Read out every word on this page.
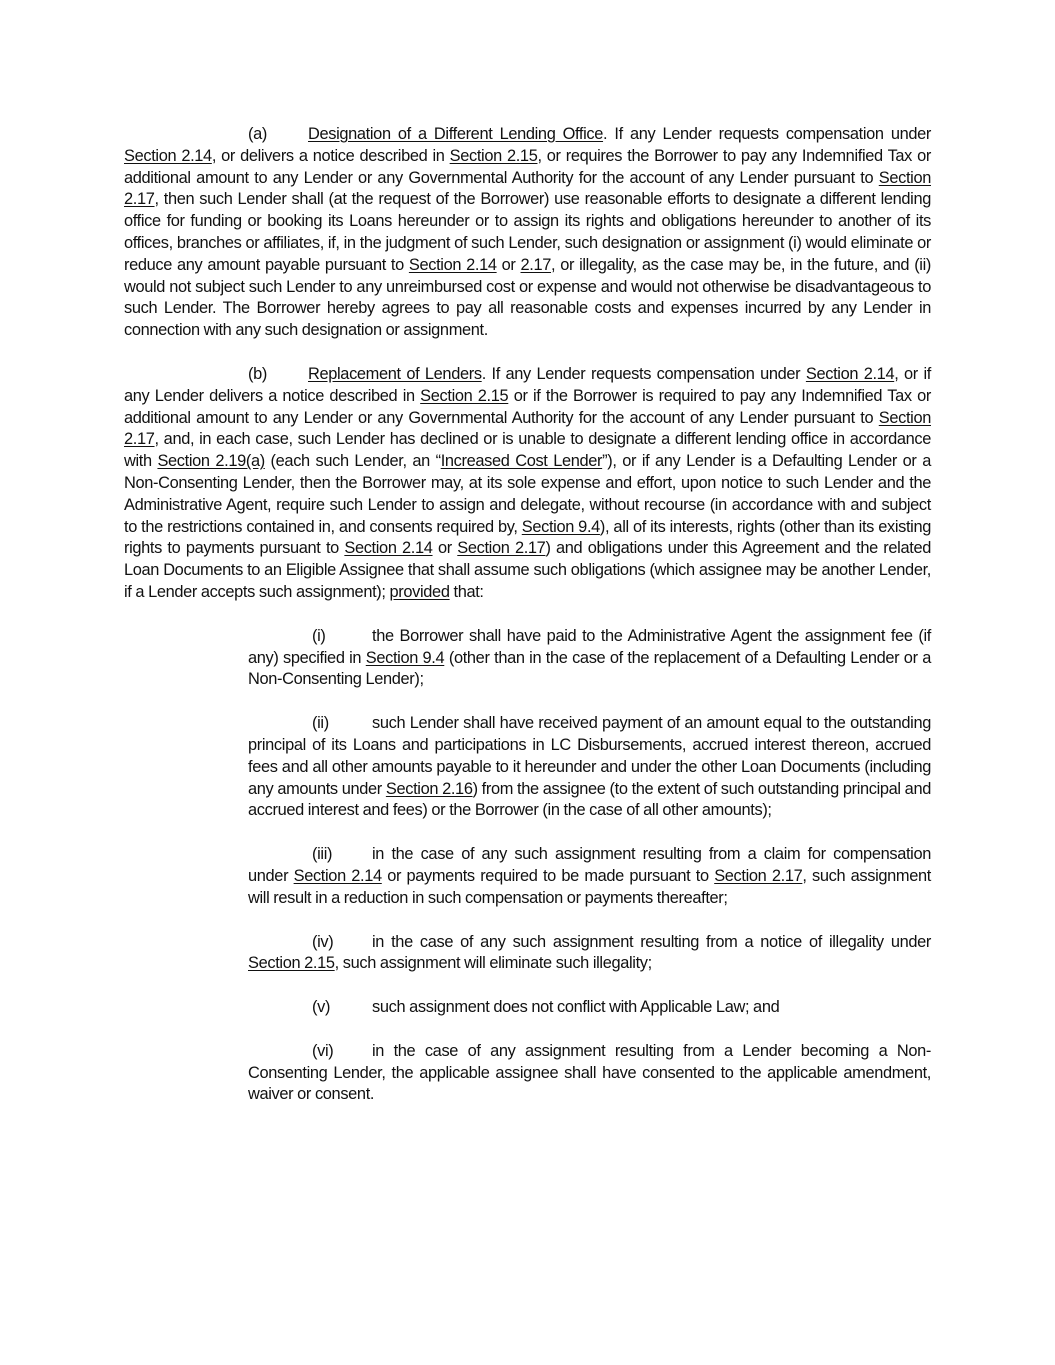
(a)	Designation of a Different Lending Office. If any Lender requests compensation under Section 2.14, or delivers a notice described in Section 2.15, or requires the Borrower to pay any Indemnified Tax or additional amount to any Lender or any Governmental Authority for the account of any Lender pursuant to Section 2.17, then such Lender shall (at the request of the Borrower) use reasonable efforts to designate a different lending office for funding or booking its Loans hereunder or to assign its rights and obligations hereunder to another of its offices, branches or affiliates, if, in the judgment of such Lender, such designation or assignment (i) would eliminate or reduce any amount payable pursuant to Section 2.14 or 2.17, or illegality, as the case may be, in the future, and (ii) would not subject such Lender to any unreimbursed cost or expense and would not otherwise be disadvantageous to such Lender. The Borrower hereby agrees to pay all reasonable costs and expenses incurred by any Lender in connection with any such designation or assignment.

(b)	Replacement of Lenders. If any Lender requests compensation under Section 2.14, or if any Lender delivers a notice described in Section 2.15 or if the Borrower is required to pay any Indemnified Tax or additional amount to any Lender or any Governmental Authority for the account of any Lender pursuant to Section 2.17, and, in each case, such Lender has declined or is unable to designate a different lending office in accordance with Section 2.19(a) (each such Lender, an “Increased Cost Lender”), or if any Lender is a Defaulting Lender or a Non-Consenting Lender, then the Borrower may, at its sole expense and effort, upon notice to such Lender and the Administrative Agent, require such Lender to assign and delegate, without recourse (in accordance with and subject to the restrictions contained in, and consents required by, Section 9.4), all of its interests, rights (other than its existing rights to payments pursuant to Section 2.14 or Section 2.17) and obligations under this Agreement and the related Loan Documents to an Eligible Assignee that shall assume such obligations (which assignee may be another Lender, if a Lender accepts such assignment); provided that:

(i)	the Borrower shall have paid to the Administrative Agent the assignment fee (if any) specified in Section 9.4 (other than in the case of the replacement of a Defaulting Lender or a Non-Consenting Lender);

(ii)	such Lender shall have received payment of an amount equal to the outstanding principal of its Loans and participations in LC Disbursements, accrued interest thereon, accrued fees and all other amounts payable to it hereunder and under the other Loan Documents (including any amounts under Section 2.16) from the assignee (to the extent of such outstanding principal and accrued interest and fees) or the Borrower (in the case of all other amounts);

(iii) in the case of any such assignment resulting from a claim for compensation under Section 2.14 or payments required to be made pursuant to Section 2.17, such assignment will result in a reduction in such compensation or payments thereafter;

(iv) in the case of any such assignment resulting from a notice of illegality under Section 2.15, such assignment will eliminate such illegality;

(v)	such assignment does not conflict with Applicable Law; and

(vi) in the case of any assignment resulting from a Lender becoming a Non-Consenting Lender, the applicable assignee shall have consented to the applicable amendment, waiver or consent.
